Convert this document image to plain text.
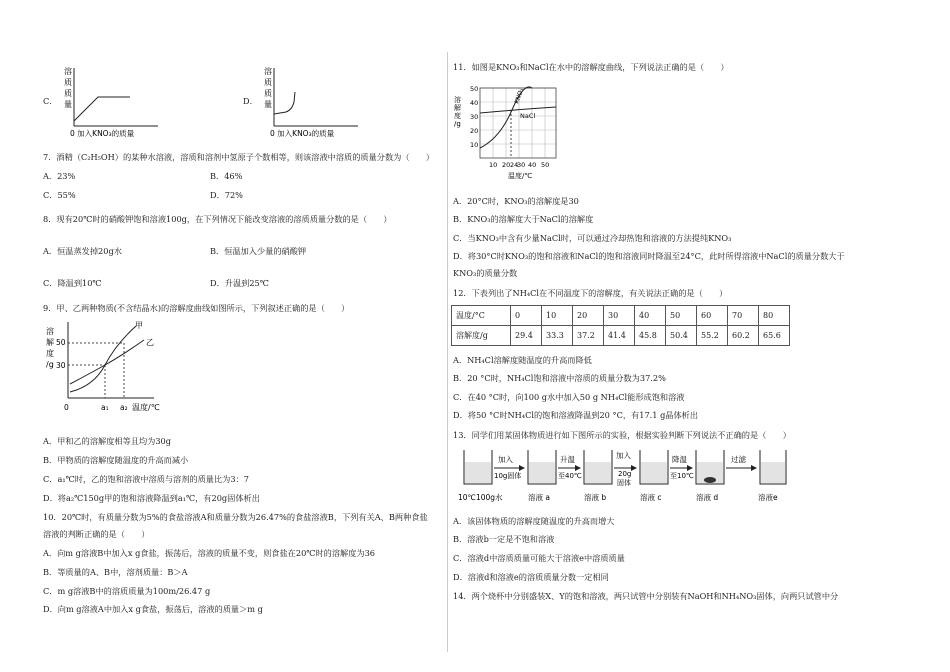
C．
溶
质
质
量
0 加入KNO₃的质量
D．
溶
质
质
量
0 加入KNO₃的质量
7．酒精（C₂H₅OH）的某种水溶液，溶质和溶剂中氢原子个数相等，则该溶液中溶质的质量分数为（　　）
A．23%	B．46%
C．55%	D．72%
8．现有20℃时的硝酸钾饱和溶液100g，在下列情况下能改变溶液的溶质质量分数的是（　　）
A．恒温蒸发掉20g水	B．恒温加入少量的硝酸钾
C．降温到10℃	D．升温到25℃
9．甲、乙两种物质(不含结晶水)的溶解度曲线如图所示，下列叙述正确的是（　　）
溶
解
度
/g
50
30
0	a₁ a₂ 温度/℃
甲
乙
A．甲和乙的溶解度相等且均为30g
B．甲物质的溶解度随温度的升高而减小
C．a₁℃时，乙的饱和溶液中溶质与溶剂的质量比为3：7
D．将a₂℃150g甲的饱和溶液降温到a₁℃，有20g固体析出
10．20℃时，有质量分数为5%的食盐溶液A和质量分数为26.47%的食盐溶液B，下列有关A、B两种食盐
溶液的判断正确的是（　　）
A．向m g溶液B中加入x g食盐，振荡后，溶液的质量不变，则食盐在20℃时的溶解度为36
B．等质量的A、B中，溶剂质量：B＞A
C．m g溶液B中的溶质质量为100m/26.47 g
D．向m g溶液A中加入x g食盐，振荡后，溶液的质量＞m g
11．如图是KNO₃和NaCl在水中的溶解度曲线，下列说法正确的是（　　）
溶
解
度
/g
50
40
30
20
10
10 20 24
30 40 50
温度/℃
KNO₃
NaCl
A．20°C时，KNO₃的溶解度是30
B．KNO₃的溶解度大于NaCl的溶解度
C．当KNO₃中含有少量NaCl时，可以通过冷却热饱和溶液的方法提纯KNO₃
D．将30°C时KNO₃的饱和溶液和NaCl的饱和溶液同时降温至24°C，此时所得溶液中NaCl的质量分数大于
KNO₃的质量分数
12．下表列出了NH₄Cl在不同温度下的溶解度，有关说法正确的是（　　）
温度/°C	0	10	20	30	40	50	60	70	80
溶解度/g	29.4	33.3	37.2	41.4	45.8	50.4	55.2	60.2	65.6
A．NH₄Cl溶解度随温度的升高而降低
B．20 °C时，NH₄Cl饱和溶液中溶质的质量分数为37.2%
C．在40 °C时，向100 g水中加入50 g NH₄Cl能形成饱和溶液
D．将50 °C时NH₄Cl的饱和溶液降温到20 °C，有17.1 g晶体析出
13．同学们用某固体物质进行如下图所示的实验，根据实验判断下列说法不正确的是（　　）
10℃100g水
加入
10g固体
溶液 a
升温
至40℃
溶液 b
加入
20g
固体
溶液 c
降温
至10℃
溶液 d
过滤
溶液e
A．该固体物质的溶解度随温度的升高而增大
B．溶液b一定是不饱和溶液
C．溶液d中溶质质量可能大于溶液e中溶质质量
D．溶液d和溶液e的溶质质量分数一定相同
14．两个烧杯中分别盛装X、Y的饱和溶液，两只试管中分别装有NaOH和NH₄NO₃固体，向两只试管中分
